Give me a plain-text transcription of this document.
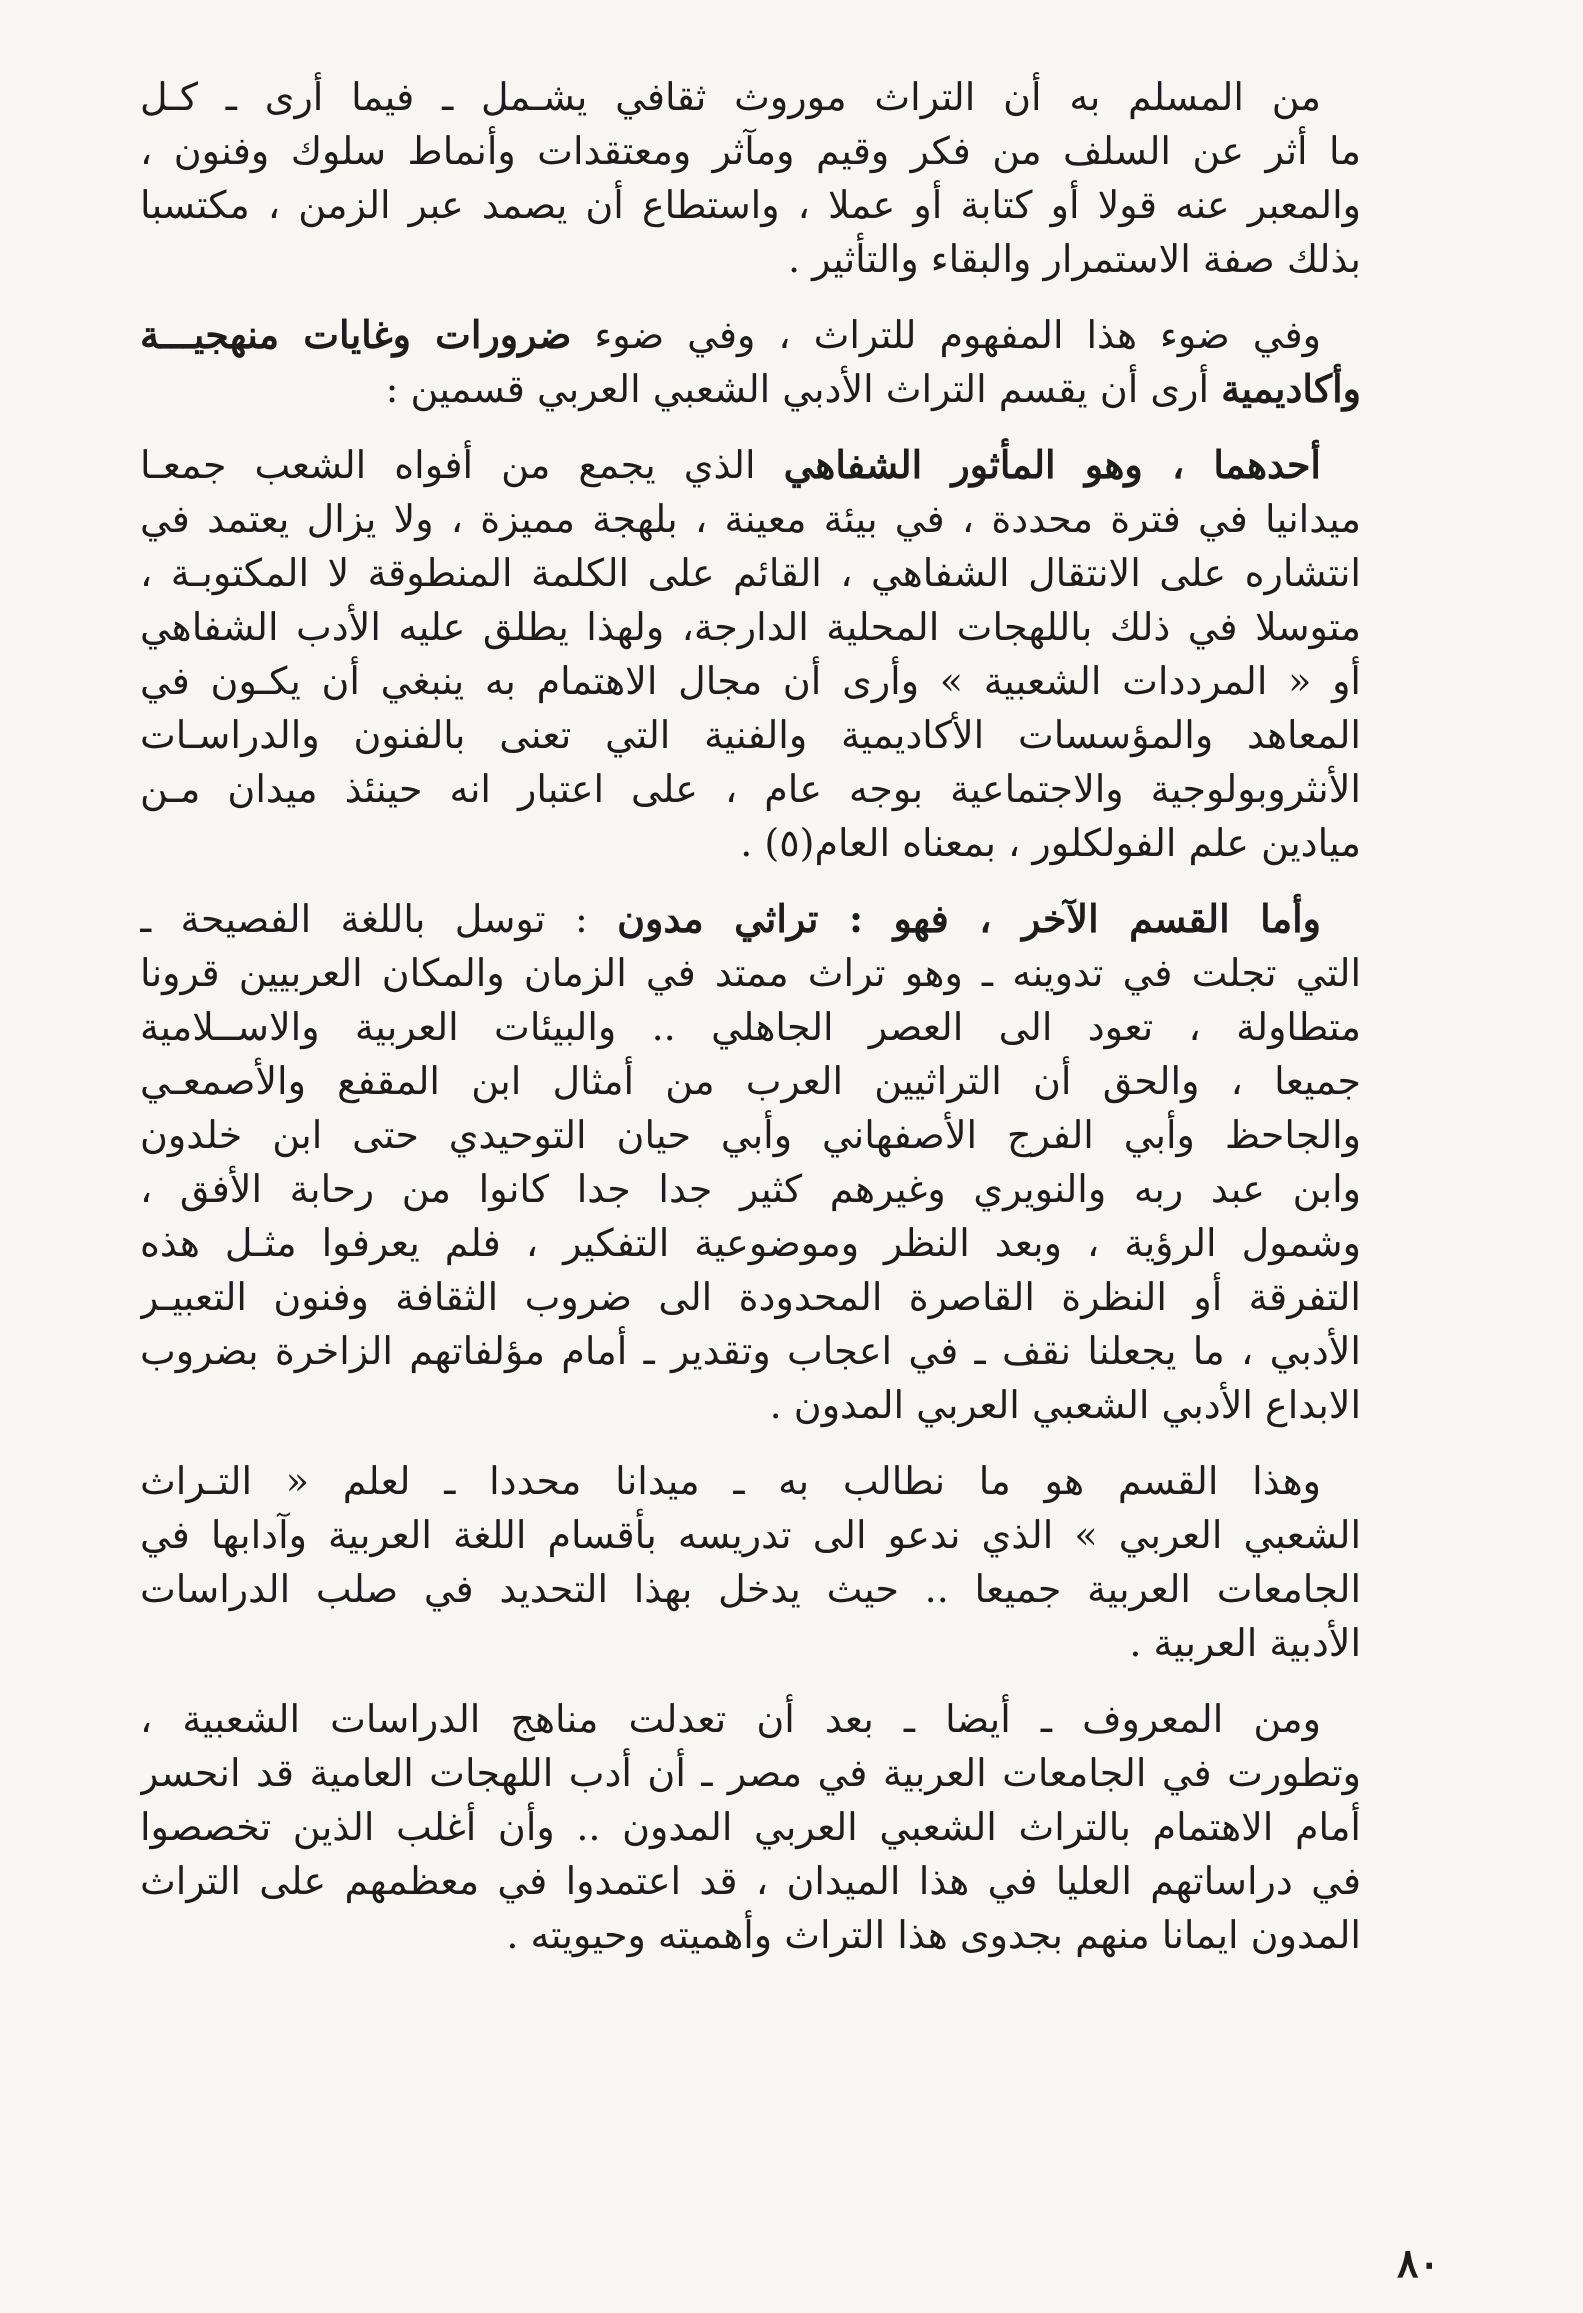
من المسلم به أن التراث موروث ثقافي يشـمل ـ فيما أرى ـ كـل
ما أثر عن السلف من فكر وقيم ومآثر ومعتقدات وأنماط سلوك وفنون ،
والمعبر عنه قولا أو كتابة أو عملا ، واستطاع أن يصمد عبر الزمن ، مكتسبا
بذلك صفة الاستمرار والبقاء والتأثير .
وفي ضوء هذا المفهوم للتراث ، وفي ضوء ضرورات وغايات منهجيـــة
وأكاديمية أرى أن يقسم التراث الأدبي الشعبي العربي قسمين :
أحدهما ، وهو المأثور الشفاهي الذي يجمع من أفواه الشعب جمعـا
ميدانيا في فترة محددة ، في بيئة معينة ، بلهجة مميزة ، ولا يزال يعتمد في
انتشاره على الانتقال الشفاهي ، القائم على الكلمة المنطوقة لا المكتوبـة ،
متوسلا في ذلك باللهجات المحلية الدارجة، ولهذا يطلق عليه الأدب الشفاهي
أو « المرددات الشعبية » وأرى أن مجال الاهتمام به ينبغي أن يكـون في
المعاهد والمؤسسات الأكاديمية والفنية التي تعنى بالفنون والدراسـات
الأنثروبولوجية والاجتماعية بوجه عام ، على اعتبار انه حينئذ ميدان مـن
ميادين علم الفولكلور ، بمعناه العام(٥) .
وأما القسم الآخر ، فهو : تراثي مدون : توسل باللغة الفصيحة ـ
التي تجلت في تدوينه ـ وهو تراث ممتد في الزمان والمكان العربيين قرونا
متطاولة ، تعود الى العصر الجاهلي .. والبيئات العربية والاســلامية
جميعا ، والحق أن التراثيين العرب من أمثال ابن المقفع والأصمعـي
والجاحظ وأبي الفرج الأصفهاني وأبي حيان التوحيدي حتى ابن خلدون
وابن عبد ربه والنويري وغيرهم كثير جدا جدا كانوا من رحابة الأفق ،
وشمول الرؤية ، وبعد النظر وموضوعية التفكير ، فلم يعرفوا مثـل هذه
التفرقة أو النظرة القاصرة المحدودة الى ضروب الثقافة وفنون التعبيـر
الأدبي ، ما يجعلنا نقف ـ في اعجاب وتقدير ـ أمام مؤلفاتهم الزاخرة بضروب
الابداع الأدبي الشعبي العربي المدون .
وهذا القسم هو ما نطالب به ـ ميدانا محددا ـ لعلم « التـراث
الشعبي العربي » الذي ندعو الى تدريسه بأقسام اللغة العربية وآدابها في
الجامعات العربية جميعا .. حيث يدخل بهذا التحديد في صلب الدراسات
الأدبية العربية .
ومن المعروف ـ أيضا ـ بعد أن تعدلت مناهج الدراسات الشعبية ،
وتطورت في الجامعات العربية في مصر ـ أن أدب اللهجات العامية قد انحسر
أمام الاهتمام بالتراث الشعبي العربي المدون .. وأن أغلب الذين تخصصوا
في دراساتهم العليا في هذا الميدان ، قد اعتمدوا في معظمهم على التراث
المدون ايمانا منهم بجدوى هذا التراث وأهميته وحيويته .
٨٠
